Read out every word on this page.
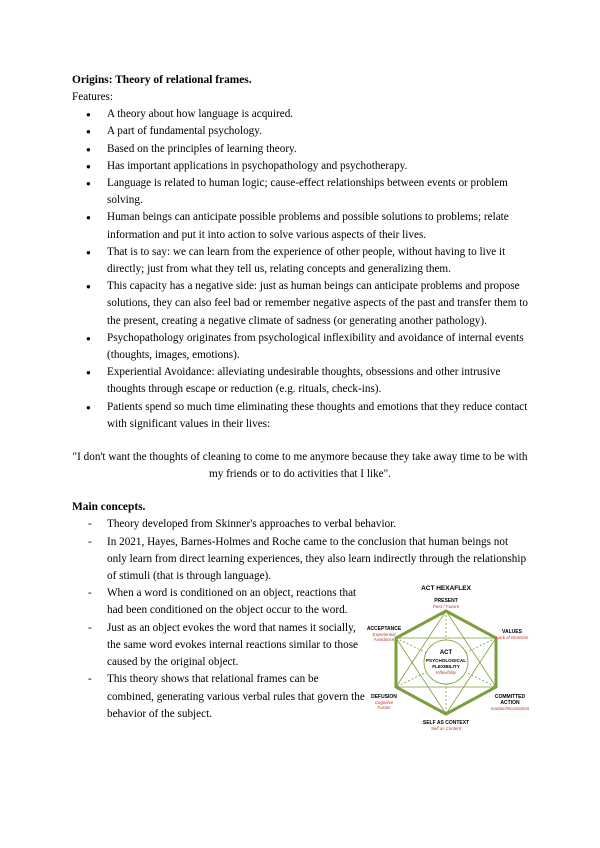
Origins: Theory of relational frames.

Features:

● A theory about how language is acquired.
● A part of fundamental psychology.
● Based on the principles of learning theory.
● Has important applications in psychopathology and psychotherapy.
● Language is related to human logic; cause-effect relationships between events or problem solving.
● Human beings can anticipate possible problems and possible solutions to problems; relate information and put it into action to solve various aspects of their lives.
● That is to say: we can learn from the experience of other people, without having to live it directly; just from what they tell us, relating concepts and generalizing them.
● This capacity has a negative side: just as human beings can anticipate problems and propose solutions, they can also feel bad or remember negative aspects of the past and transfer them to the present, creating a negative climate of sadness (or generating another pathology).
● Psychopathology originates from psychological inflexibility and avoidance of internal events (thoughts, images, emotions).
● Experiential Avoidance: alleviating undesirable thoughts, obsessions and other intrusive thoughts through escape or reduction (e.g. rituals, check-ins).
● Patients spend so much time eliminating these thoughts and emotions that they reduce contact with significant values in their lives:

"I don't want the thoughts of cleaning to come to me anymore because they take away time to be with my friends or to do activities that I like".

Main concepts.
- Theory developed from Skinner's approaches to verbal behavior.
- In 2021, Hayes, Barnes-Holmes and Roche came to the conclusion that human beings not only learn from direct learning experiences, they also learn indirectly through the relationship of stimuli (that is through language).
- When a word is conditioned on an object, reactions that had been conditioned on the object occur to the word.
- Just as an object evokes the word that names it socially, the same word evokes internal reactions similar to those caused by the original object.
- This theory shows that relational frames can be combined, generating various verbal rules that govern the behavior of the subject.
ACT HEXAFLEX
PRESENT
Past / Future
ACT
PSYCHOLOGICAL
FLEXIBILITY
Inflexibility
ACCEPTANCE
Experiential
Avoidance
VALUES
Lack of Direction
DEFUSION
Cognitive
Fusion
COMMITTED
ACTION
Inaction/Inconsistent
SELF AS CONTEXT
Self as Content
